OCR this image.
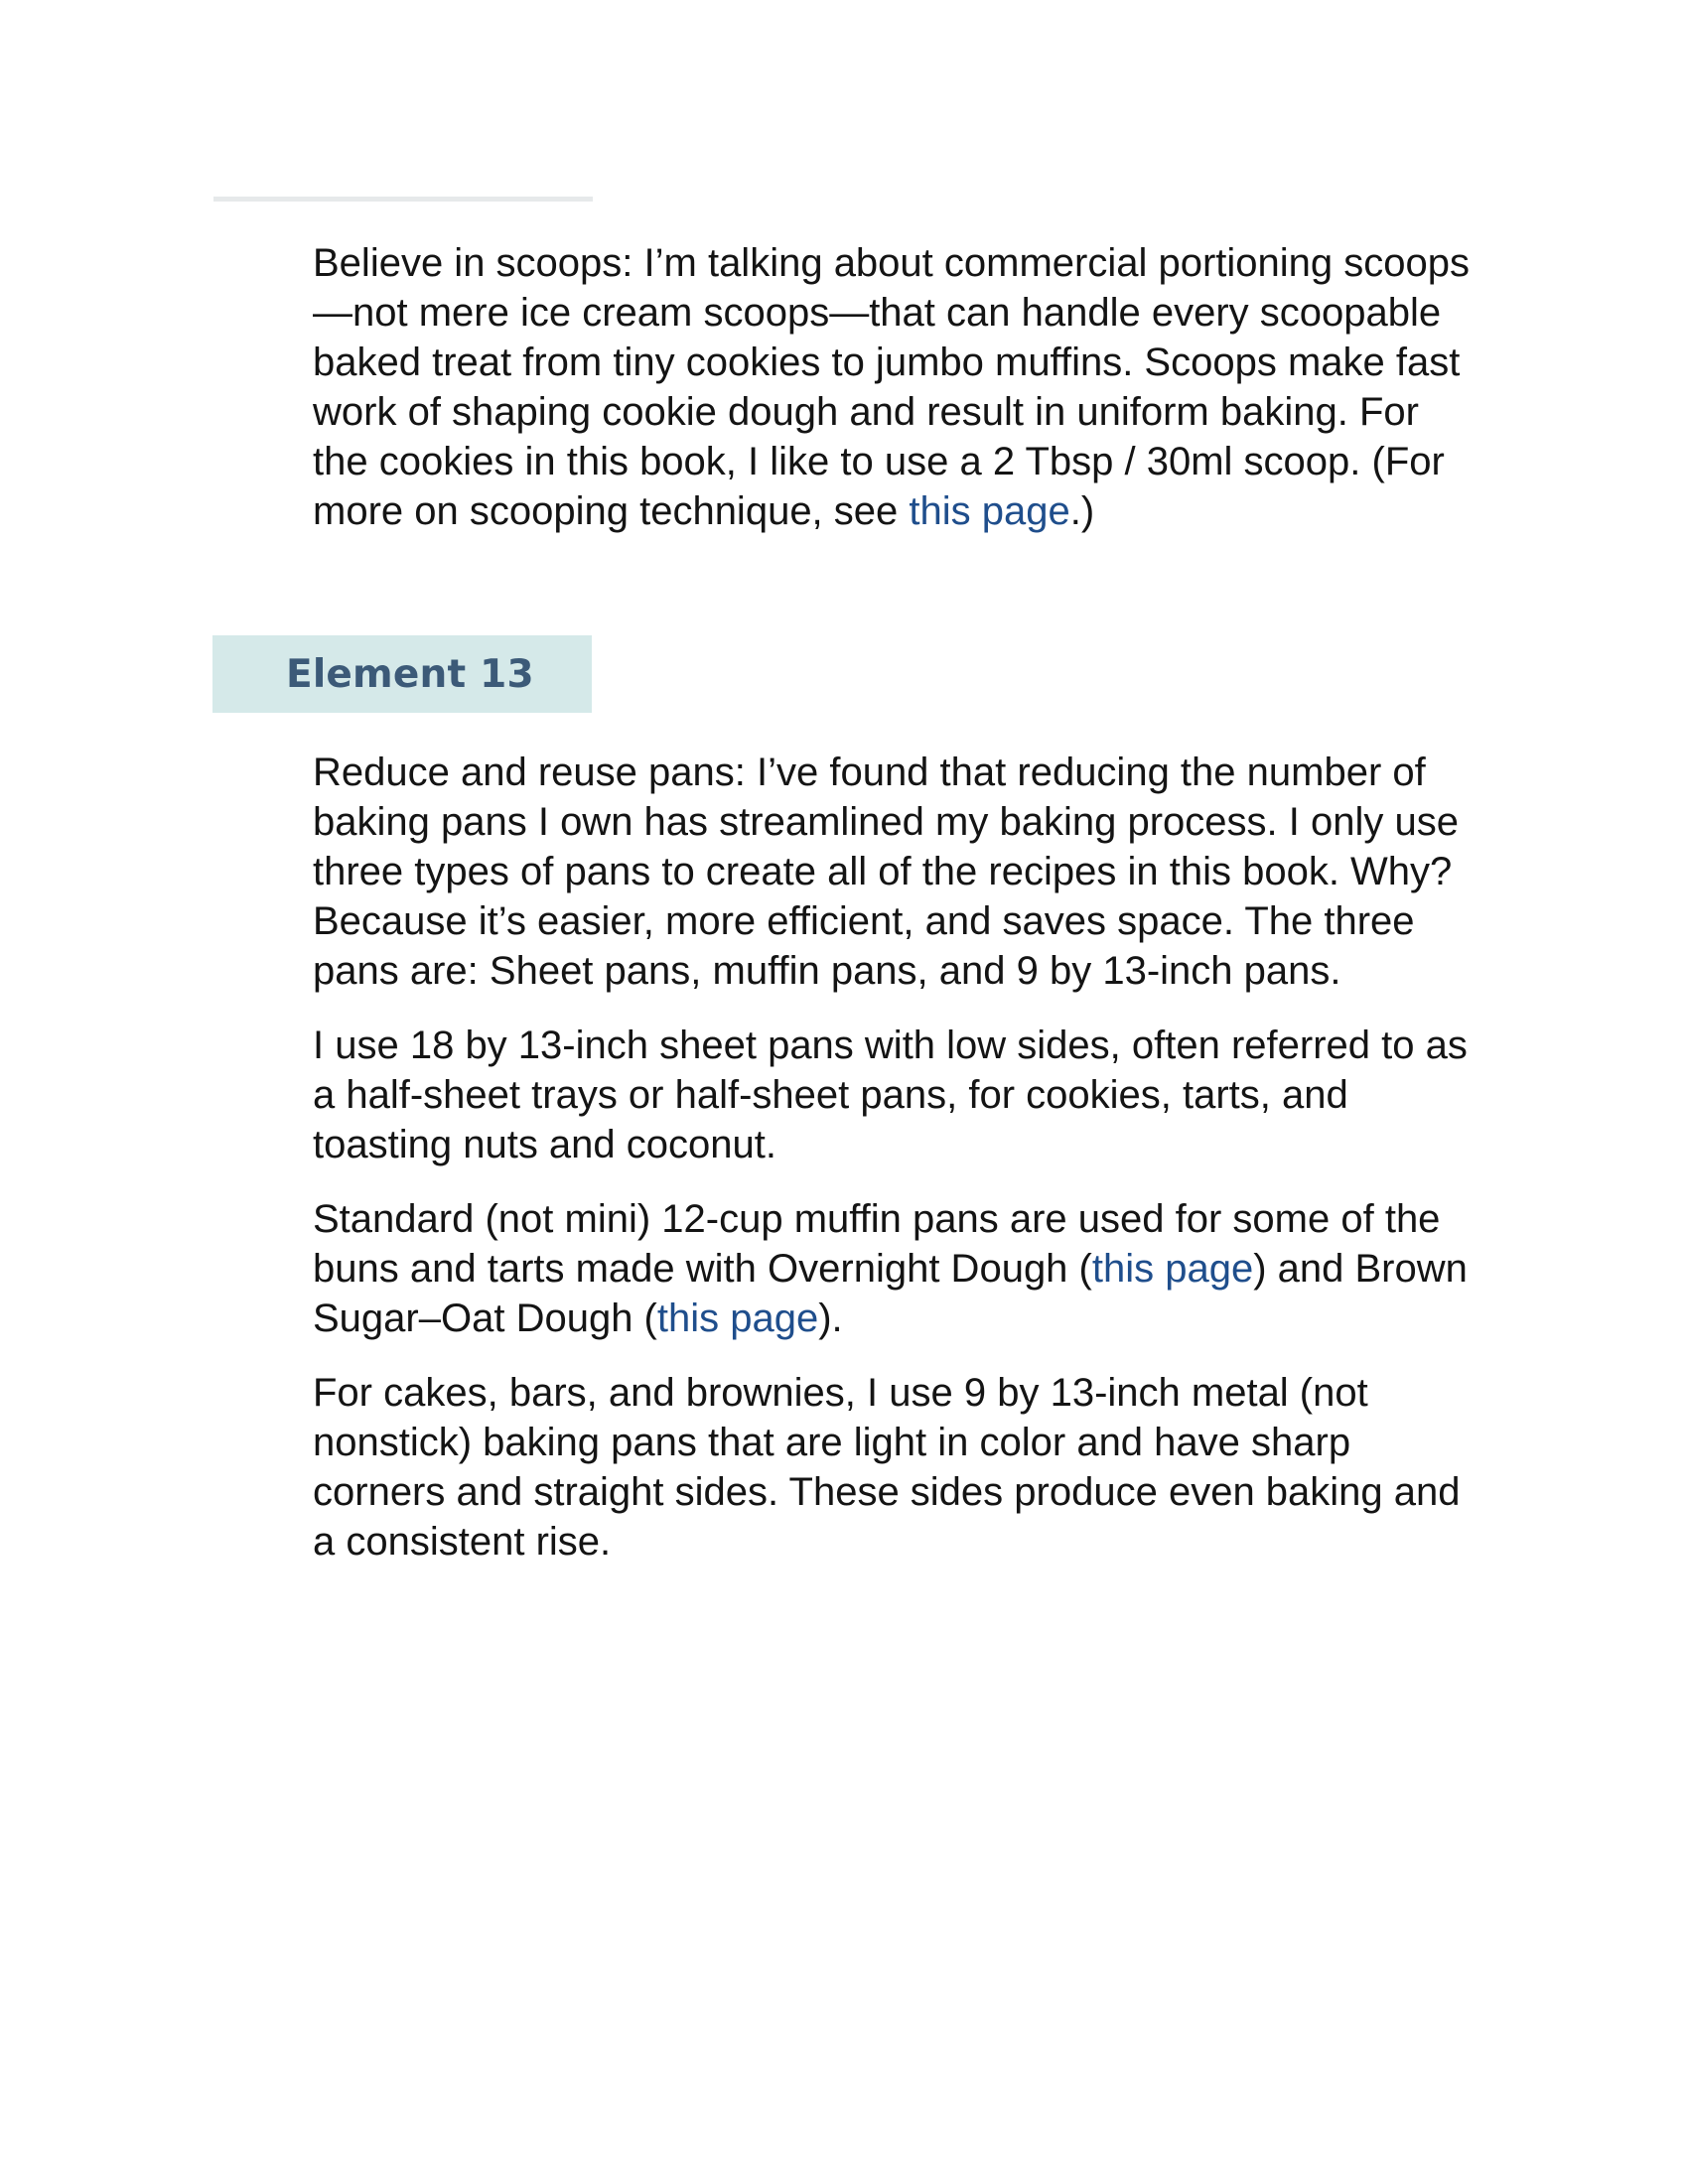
Believe in scoops: I’m talking about commercial portioning scoops—not mere ice cream scoops—that can handle every scoopable baked treat from tiny cookies to jumbo muffins. Scoops make fast work of shaping cookie dough and result in uniform baking. For the cookies in this book, I like to use a 2 Tbsp / 30ml scoop. (For more on scooping technique, see this page.)

Element 13

Reduce and reuse pans: I’ve found that reducing the number of baking pans I own has streamlined my baking process. I only use three types of pans to create all of the recipes in this book. Why? Because it’s easier, more efficient, and saves space. The three pans are: Sheet pans, muffin pans, and 9 by 13-inch pans.

I use 18 by 13-inch sheet pans with low sides, often referred to as a half-sheet trays or half-sheet pans, for cookies, tarts, and toasting nuts and coconut.

Standard (not mini) 12-cup muffin pans are used for some of the buns and tarts made with Overnight Dough (this page) and Brown Sugar–Oat Dough (this page).

For cakes, bars, and brownies, I use 9 by 13-inch metal (not nonstick) baking pans that are light in color and have sharp corners and straight sides. These sides produce even baking and a consistent rise.
